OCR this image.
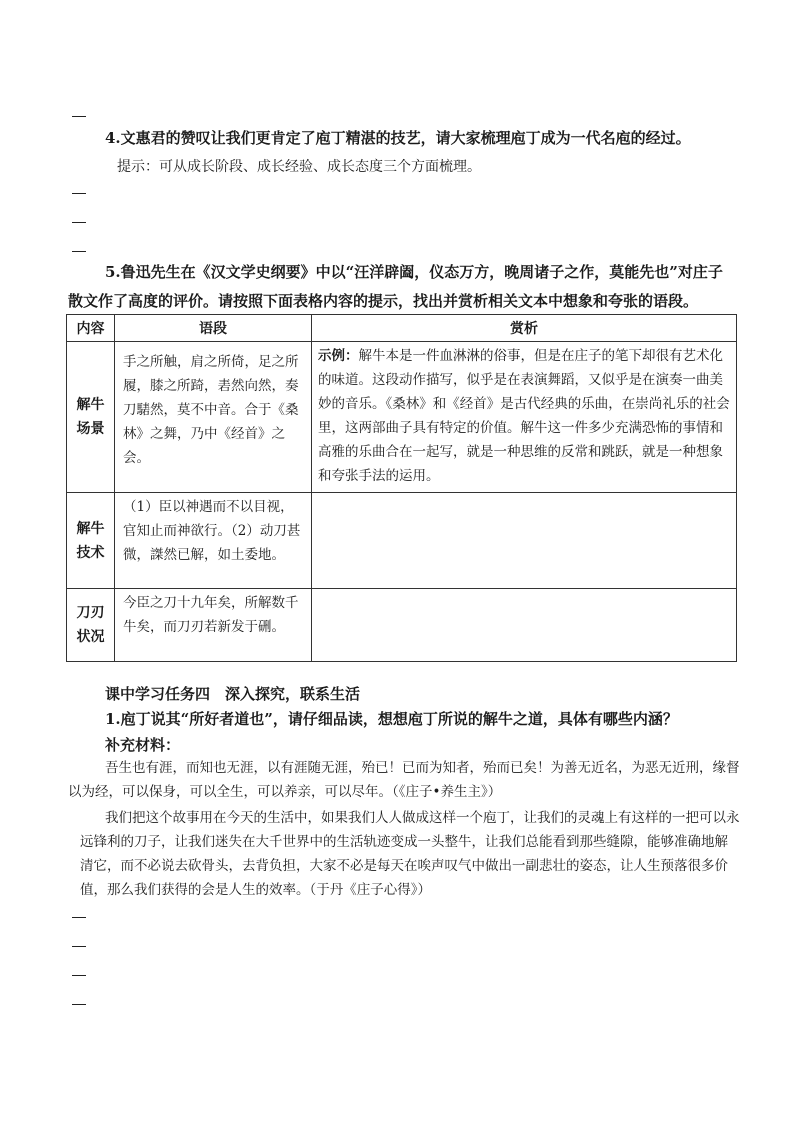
4.文惠君的赞叹让我们更肯定了庖丁精湛的技艺，请大家梳理庖丁成为一代名庖的经过。
提示：可从成长阶段、成长经验、成长态度三个方面梳理。
5.鲁迅先生在《汉文学史纲要》中以“汪洋辟阖，仪态万方，晚周诸子之作，莫能先也”对庄子
散文作了高度的评价。请按照下面表格内容的提示，找出并赏析相关文本中想象和夸张的语段。
内容	语段	赏析

解牛
场景	手之所触，肩之所倚，足之所履，膝之所踦，砉然向然，奏刀騞然，莫不中音。合于《桑林》之舞，乃中《经首》之会。	示例：解牛本是一件血淋淋的俗事，但是在庄子的笔下却很有艺术化的味道。这段动作描写，似乎是在表演舞蹈，又似乎是在演奏一曲美妙的音乐。《桑林》和《经首》是古代经典的乐曲，在崇尚礼乐的社会里，这两部曲子具有特定的价值。解牛这一件多少充满恐怖的事情和高雅的乐曲合在一起写，就是一种思维的反常和跳跃，就是一种想象和夸张手法的运用。

解牛
技术	（1）臣以神遇而不以目视，官知止而神欲行。（2）动刀甚微，謋然已解，如土委地。	

刀刃
状况	今臣之刀十九年矣，所解数千牛矣，而刀刃若新发于硎。	
课中学习任务四　深入探究，联系生活
1.庖丁说其“所好者道也”，请仔细品读，想想庖丁所说的解牛之道，具体有哪些内涵？
补充材料：
吾生也有涯，而知也无涯，以有涯随无涯，殆已！已而为知者，殆而已矣！为善无近名，为恶无近刑，缘督以为经，可以保身，可以全生，可以养亲，可以尽年。（《庄子•养生主》）
我们把这个故事用在今天的生活中，如果我们人人做成这样一个庖丁，让我们的灵魂上有这样的一把可以永远锋利的刀子，让我们迷失在大千世界中的生活轨迹变成一头整牛，让我们总能看到那些缝隙，能够准确地解清它，而不必说去砍骨头，去背负担，大家不必是每天在唉声叹气中做出一副悲壮的姿态，让人生预落很多价值，那么我们获得的会是人生的效率。（于丹《庄子心得》）
